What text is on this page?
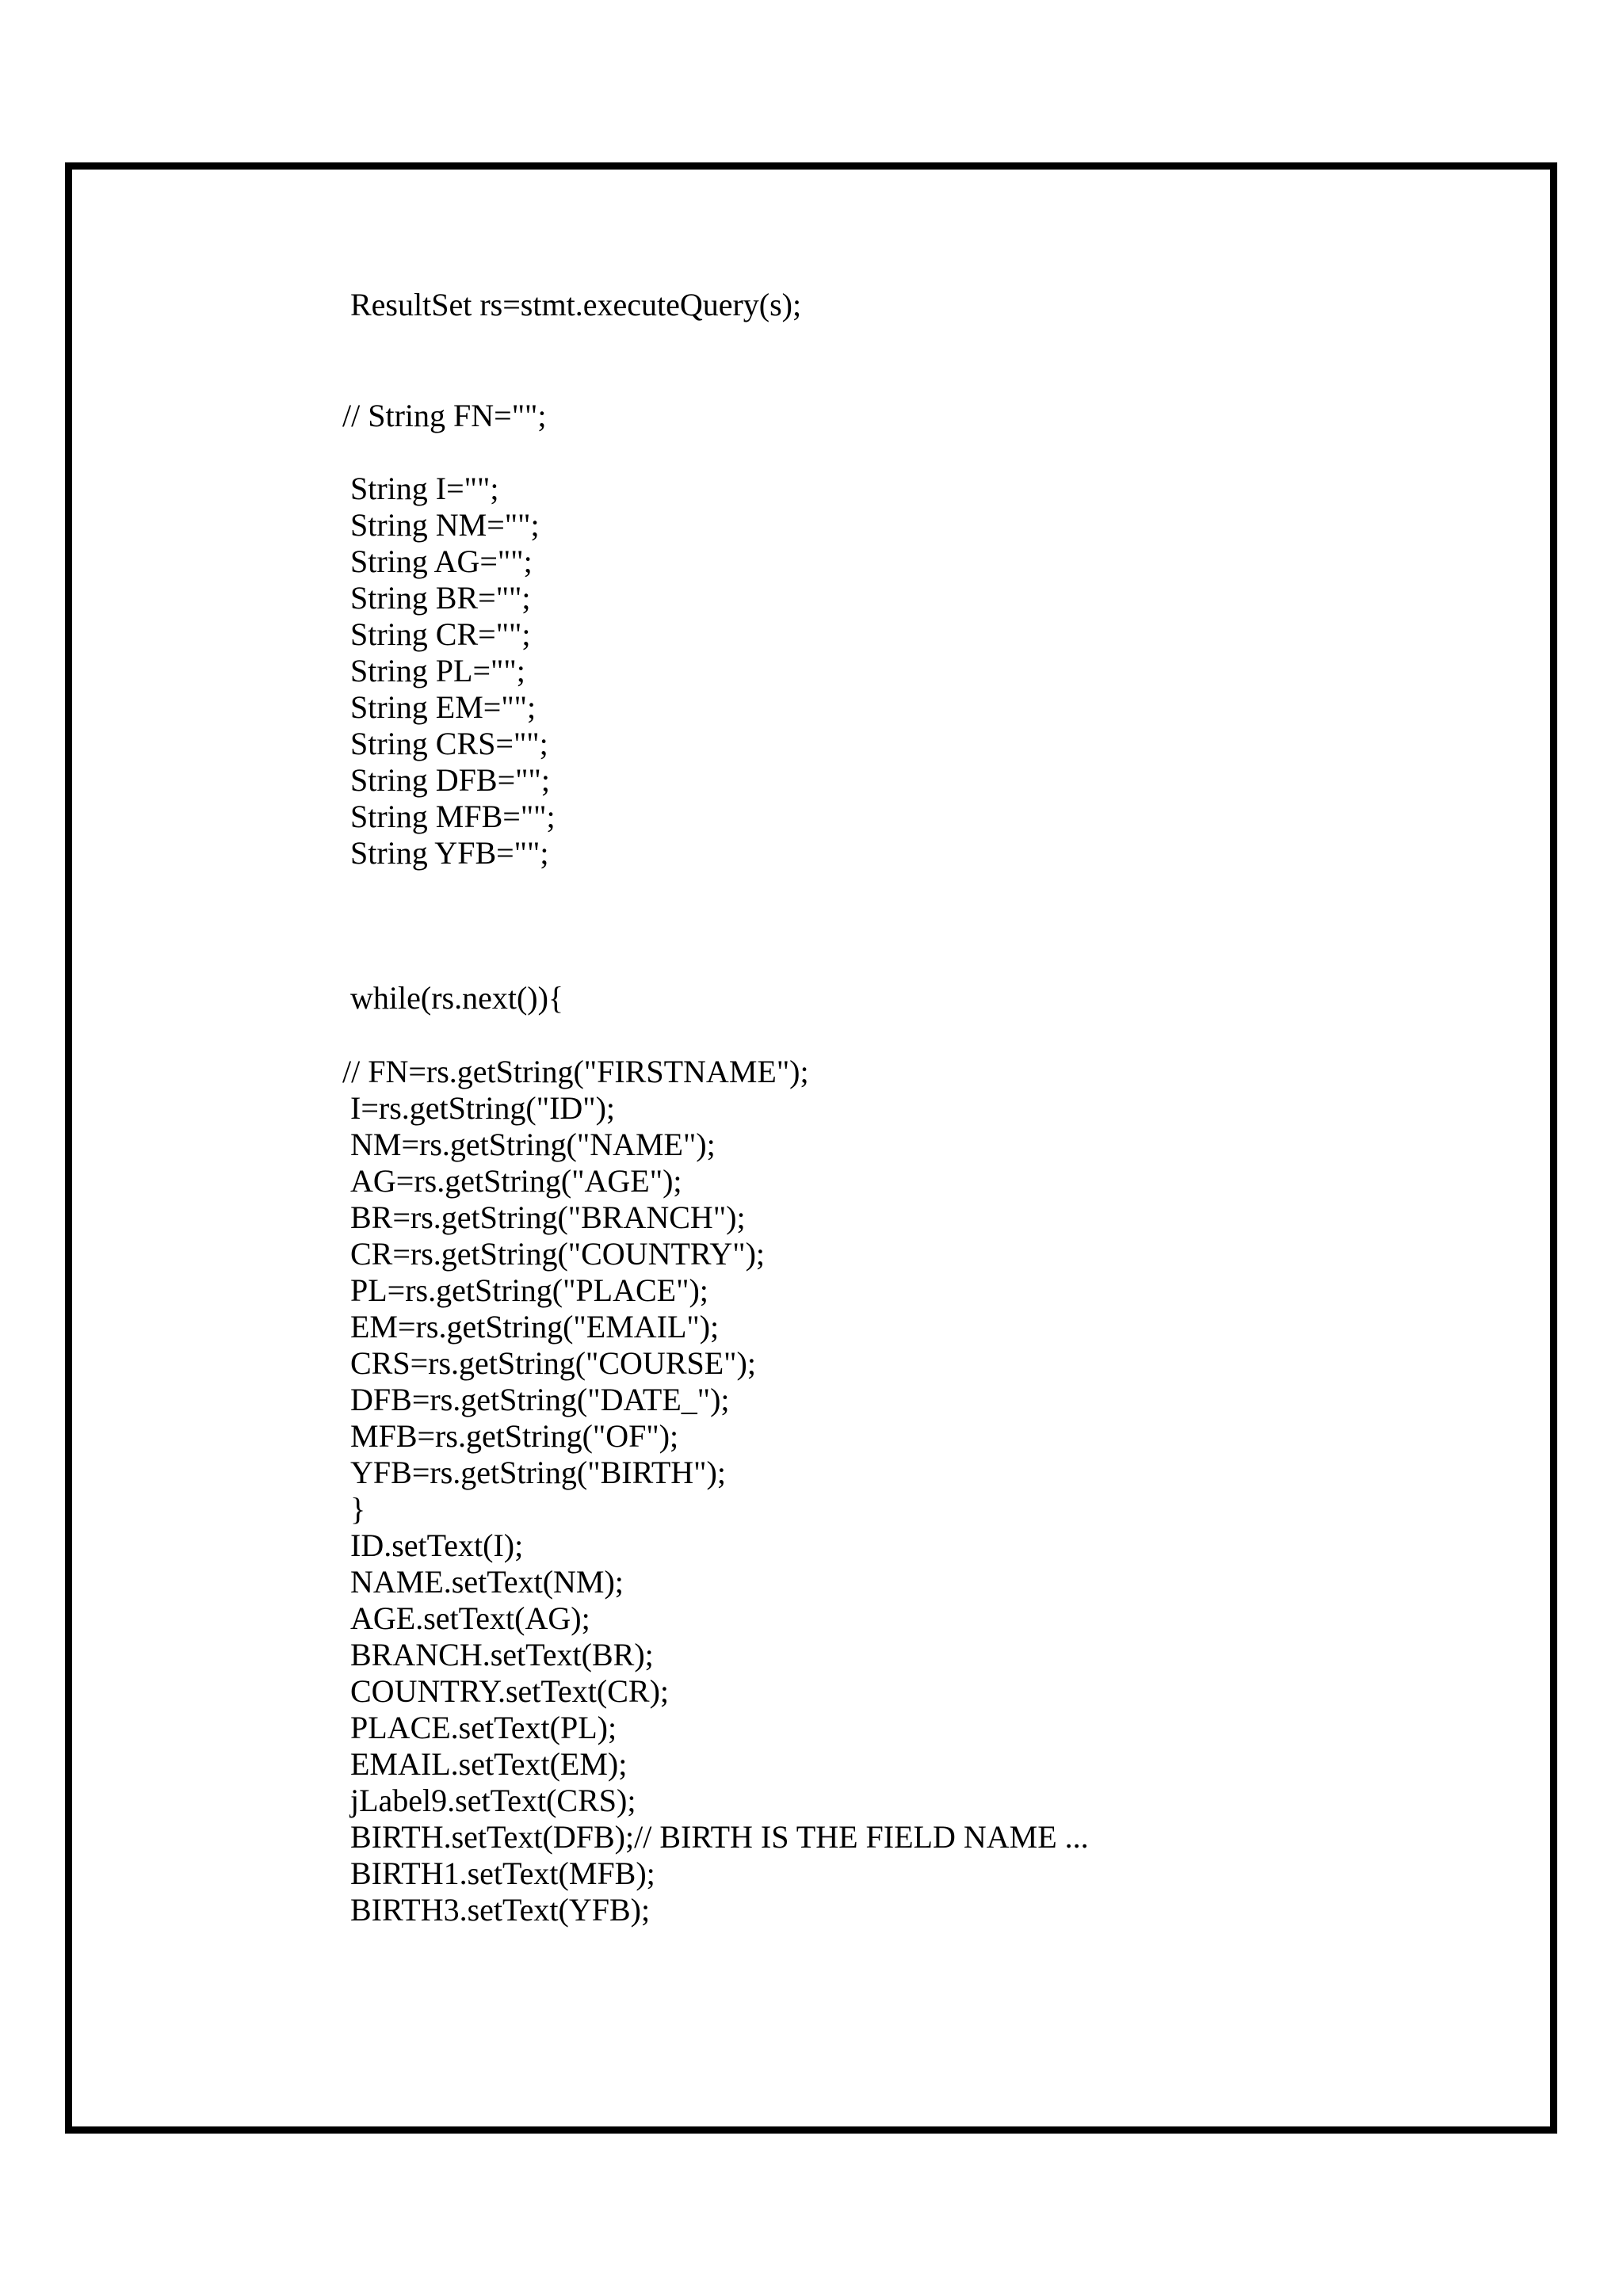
ResultSet rs=stmt.executeQuery(s);

// String FN="";

String I="";

String NM="";

String AG="";

String BR="";

String CR="";

String PL="";

String EM="";

String CRS="";

String DFB="";

String MFB="";

String YFB="";

while(rs.next()){

// FN=rs.getString("FIRSTNAME");

I=rs.getString("ID");

NM=rs.getString("NAME");

AG=rs.getString("AGE");

BR=rs.getString("BRANCH");

CR=rs.getString("COUNTRY");

PL=rs.getString("PLACE");

EM=rs.getString("EMAIL");

CRS=rs.getString("COURSE");

DFB=rs.getString("DATE_");

MFB=rs.getString("OF");

YFB=rs.getString("BIRTH");

}

ID.setText(I);

NAME.setText(NM);

AGE.setText(AG);

BRANCH.setText(BR);

COUNTRY.setText(CR);

PLACE.setText(PL);

EMAIL.setText(EM);

jLabel9.setText(CRS);

BIRTH.setText(DFB);// BIRTH IS THE FIELD NAME ...

BIRTH1.setText(MFB);

BIRTH3.setText(YFB);
